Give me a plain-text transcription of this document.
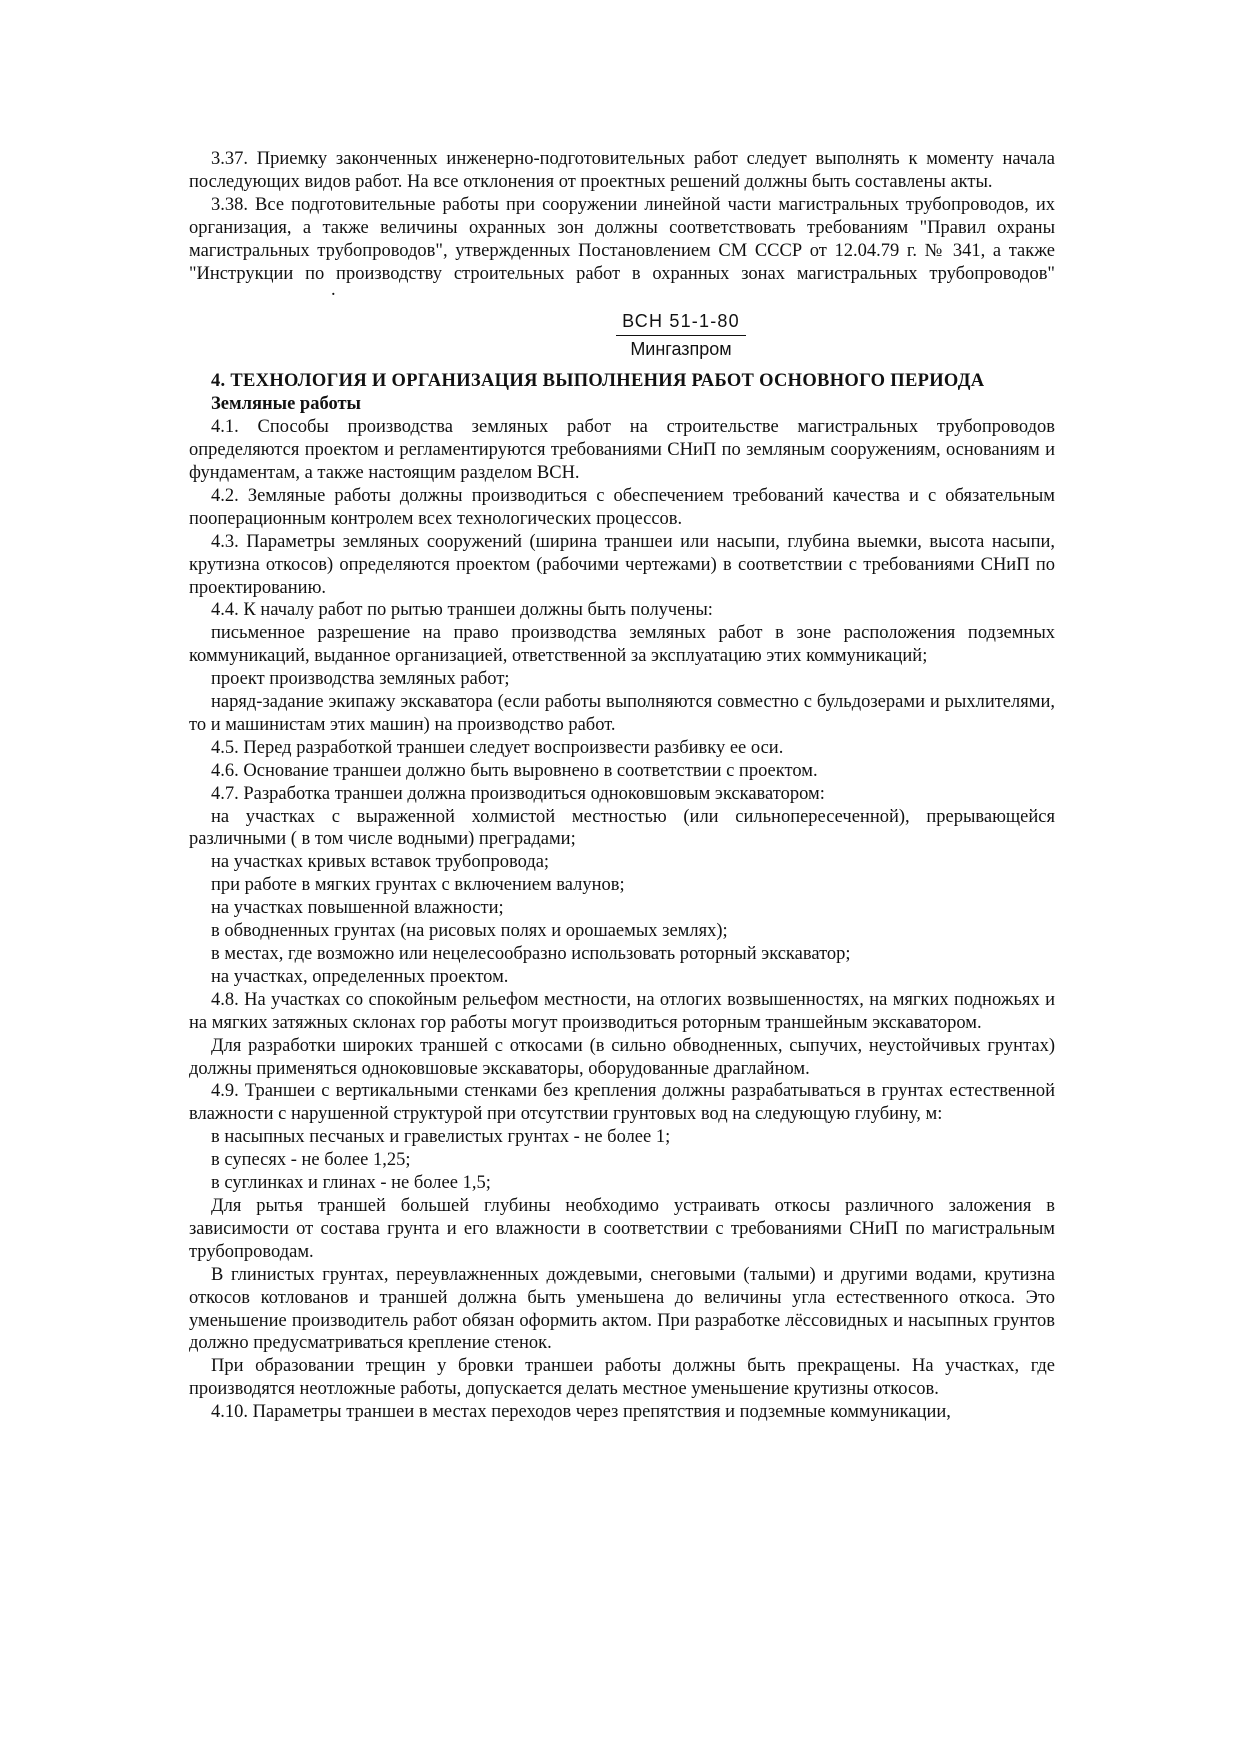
3.37. Приемку законченных инженерно-подготовительных работ следует выполнять к моменту начала последующих видов работ. На все отклонения от проектных решений должны быть составлены акты.

3.38. Все подготовительные работы при сооружении линейной части магистральных трубопроводов, их организация, а также величины охранных зон должны соответствовать требованиям "Правил охраны магистральных трубопроводов", утвержденных Постановлением СМ СССР от 12.04.79 г. № 341, а также "Инструкции по производству строительных работ в охранных зонах магистральных трубопроводов".

ВСН 51-1-80
Мингазпром

4. ТЕХНОЛОГИЯ И ОРГАНИЗАЦИЯ ВЫПОЛНЕНИЯ РАБОТ ОСНОВНОГО ПЕРИОДА

Земляные работы

4.1. Способы производства земляных работ на строительстве магистральных трубопроводов определяются проектом и регламентируются требованиями СНиП по земляным сооружениям, основаниям и фундаментам, а также настоящим разделом ВСН.

4.2. Земляные работы должны производиться с обеспечением требований качества и с обязательным пооперационным контролем всех технологических процессов.

4.3. Параметры земляных сооружений (ширина траншеи или насыпи, глубина выемки, высота насыпи, крутизна откосов) определяются проектом (рабочими чертежами) в соответствии с требованиями СНиП по проектированию.

4.4. К началу работ по рытью траншеи должны быть получены:

письменное разрешение на право производства земляных работ в зоне расположения подземных коммуникаций, выданное организацией, ответственной за эксплуатацию этих коммуникаций;

проект производства земляных работ;

наряд-задание экипажу экскаватора (если работы выполняются совместно с бульдозерами и рыхлителями, то и машинистам этих машин) на производство работ.

4.5. Перед разработкой траншеи следует воспроизвести разбивку ее оси.

4.6. Основание траншеи должно быть выровнено в соответствии с проектом.

4.7. Разработка траншеи должна производиться одноковшовым экскаватором:

на участках с выраженной холмистой местностью (или сильнопересеченной), прерывающейся различными ( в том числе водными) преградами;

на участках кривых вставок трубопровода;

при работе в мягких грунтах с включением валунов;

на участках повышенной влажности;

в обводненных грунтах (на рисовых полях и орошаемых землях);

в местах, где возможно или нецелесообразно использовать роторный экскаватор;

на участках, определенных проектом.

4.8. На участках со спокойным рельефом местности, на отлогих возвышенностях, на мягких подножьях и на мягких затяжных склонах гор работы могут производиться роторным траншейным экскаватором.

Для разработки широких траншей с откосами (в сильно обводненных, сыпучих, неустойчивых грунтах) должны применяться одноковшовые экскаваторы, оборудованные драглайном.

4.9. Траншеи с вертикальными стенками без крепления должны разрабатываться в грунтах естественной влажности с нарушенной структурой при отсутствии грунтовых вод на следующую глубину, м:

в насыпных песчаных и гравелистых грунтах - не более 1;

в супесях - не более 1,25;

в суглинках и глинах - не более 1,5;

Для рытья траншей большей глубины необходимо устраивать откосы различного заложения в зависимости от состава грунта и его влажности в соответствии с требованиями СНиП по магистральным трубопроводам.

В глинистых грунтах, переувлажненных дождевыми, снеговыми (талыми) и другими водами, крутизна откосов котлованов и траншей должна быть уменьшена до величины угла естественного откоса. Это уменьшение производитель работ обязан оформить актом. При разработке лёссовидных и насыпных грунтов должно предусматриваться крепление стенок.

При образовании трещин у бровки траншеи работы должны быть прекращены. На участках, где производятся неотложные работы, допускается делать местное уменьшение крутизны откосов.

4.10. Параметры траншеи в местах переходов через препятствия и подземные коммуникации,
